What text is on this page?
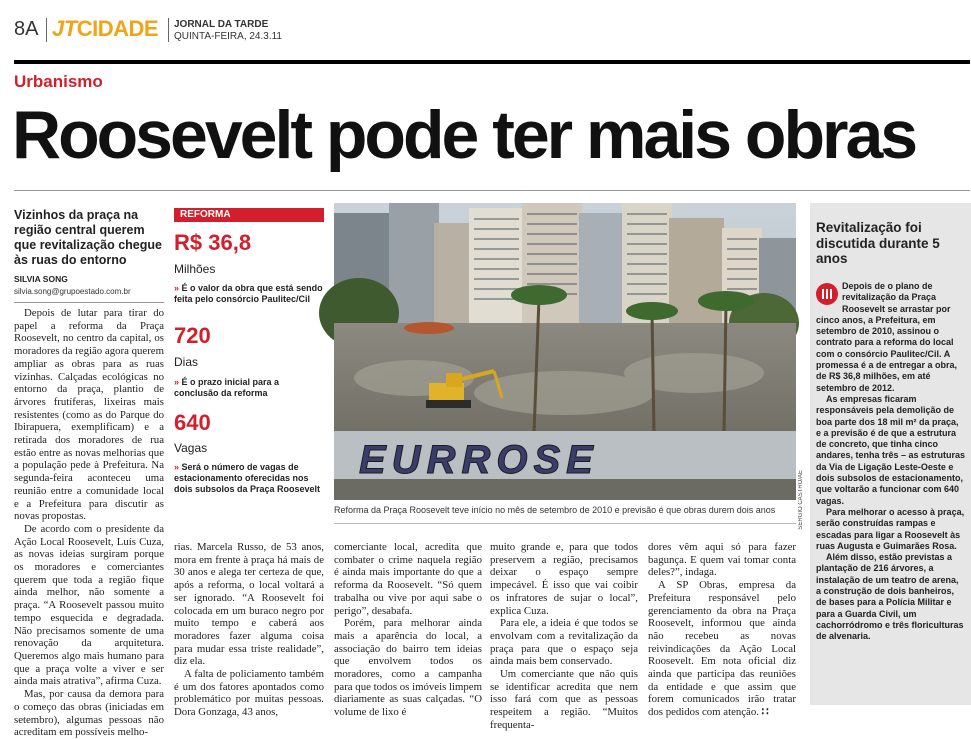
8A JTCIDADE JORNAL DA TARDE
QUINTA-FEIRA, 24.3.11
Urbanismo
Roosevelt pode ter mais obras
Vizinhos da praça na região central querem que revitalização chegue às ruas do entorno
SILVIA SONG
silvia.song@grupoestado.com.br

Depois de lutar para tirar do papel a reforma da Praça Roosevelt, no centro da capital, os moradores da região agora querem ampliar as obras para as ruas vizinhas. Calçadas ecológicas no entorno da praça, plantio de árvores frutíferas, lixeiras mais resistentes (como as do Parque do Ibirapuera, exemplificam) e a retirada dos moradores de rua estão entre as novas melhorias que a população pede à Prefeitura. Na segunda-feira aconteceu uma reunião entre a comunidade local e a Prefeitura para discutir as novas propostas.

De acordo com o presidente da Ação Local Roosevelt, Luís Cuza, as novas ideias surgiram porque os moradores e comerciantes querem que toda a região fique ainda melhor, não somente a praça. “A Roosevelt passou muito tempo esquecida e degradada. Não precisamos somente de uma renovação da arquitetura. Queremos algo mais humano para que a praça volte a viver e ser ainda mais atrativa”, afirma Cuza.

Mas, por causa da demora para o começo das obras (iniciadas em setembro), algumas pessoas não acreditam em possíveis melho-

REFORMA
R$ 36,8
Milhões
» É o valor da obra que está sendo feita pelo consórcio Paulitec/Cil
720
Dias
» É o prazo inicial para a conclusão da reforma
640
Vagas
» Será o número de vagas de estacionamento oferecidas nos dois subsolos da Praça Roosevelt
EURROSE
SERGIO CASTRO/AE
Reforma da Praça Roosevelt teve início no mês de setembro de 2010 e previsão é que obras durem dois anos

rias. Marcela Russo, de 53 anos, mora em frente à praça há mais de 30 anos e alega ter certeza de que, após a reforma, o local voltará a ser ignorado. “A Roosevelt foi colocada em um buraco negro por muito tempo e caberá aos moradores fazer alguma coisa para mudar essa triste realidade”, diz ela.

A falta de policiamento também é um dos fatores apontados como problemático por muitas pessoas. Dora Gonzaga, 43 anos,

comerciante local, acredita que combater o crime naquela região é ainda mais importante do que a reforma da Roosevelt. “Só quem trabalha ou vive por aqui sabe o perigo”, desabafa.

Porém, para melhorar ainda mais a aparência do local, a associação do bairro tem ideias que envolvem todos os moradores, como a campanha para que todos os imóveis limpem diariamente as suas calçadas. “O volume de lixo é

muito grande e, para que todos preservem a região, precisamos deixar o espaço sempre impecável. É isso que vai coibir os infratores de sujar o local”, explica Cuza.

Para ele, a ideia é que todos se envolvam com a revitalização da praça para que o espaço seja ainda mais bem conservado.

Um comerciante que não quis se identificar acredita que nem isso fará com que as pessoas respeitem a região. “Muitos frequenta-

dores vêm aqui só para fazer bagunça. E quem vai tomar conta deles?”, indaga.

A SP Obras, empresa da Prefeitura responsável pelo gerenciamento da obra na Praça Roosevelt, informou que ainda não recebeu as novas reivindicações da Ação Local Roosevelt. Em nota oficial diz ainda que participa das reuniões da entidade e que assim que forem comunicados irão tratar dos pedidos com atenção. ∷

Revitalização foi discutida durante 5 anos

Depois de o plano de revitalização da Praça Roosevelt se arrastar por cinco anos, a Prefeitura, em setembro de 2010, assinou o contrato para a reforma do local com o consórcio Paulitec/Cil. A promessa é a de entregar a obra, de R$ 36,8 milhões, em até setembro de 2012.

As empresas ficaram responsáveis pela demolição de boa parte dos 18 mil m² da praça, e a previsão é de que a estrutura de concreto, que tinha cinco andares, tenha três – as estruturas da Via de Ligação Leste-Oeste e dois subsolos de estacionamento, que voltarão a funcionar com 640 vagas.

Para melhorar o acesso à praça, serão construídas rampas e escadas para ligar a Roosevelt às ruas Augusta e Guimarães Rosa.

Além disso, estão previstas a plantação de 216 árvores, a instalação de um teatro de arena, a construção de dois banheiros, de bases para a Polícia Militar e para a Guarda Civil, um cachorródromo e três floriculturas de alvenaria.
